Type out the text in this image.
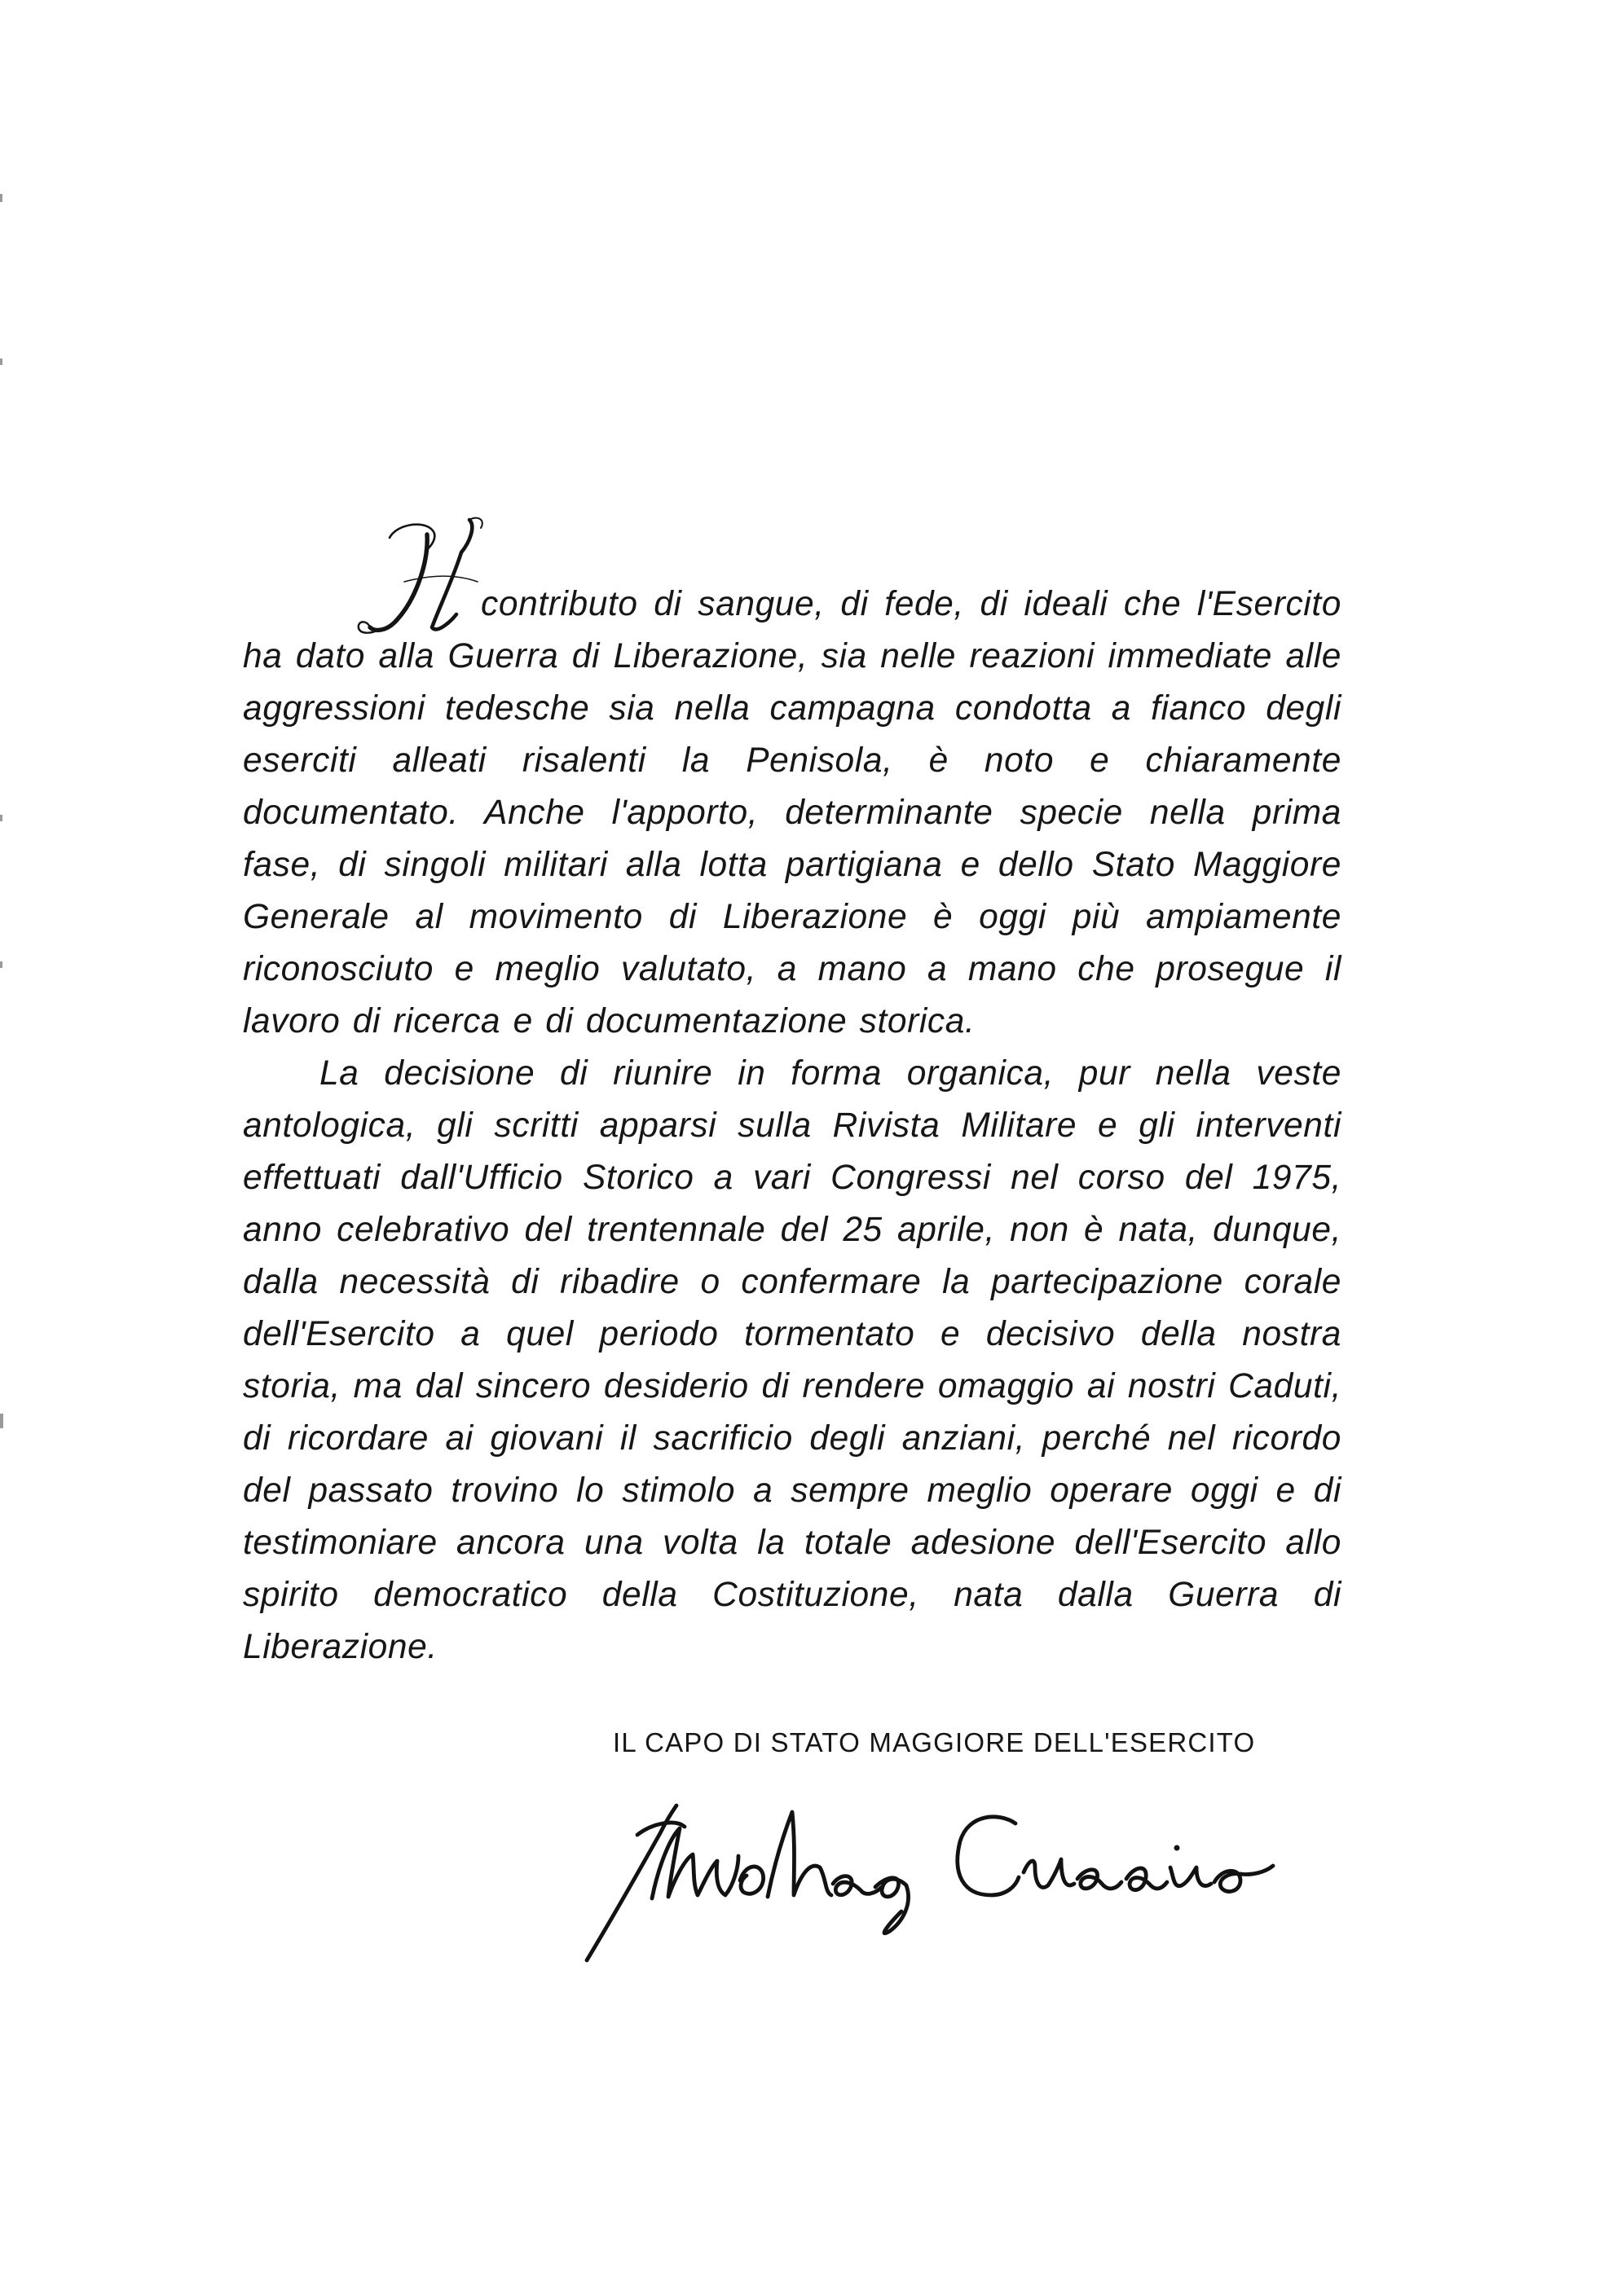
contributo di sangue, di fede, di ideali che l'Esercito ha dato alla Guerra di Liberazione, sia nelle reazioni immediate alle aggressioni tedesche sia nella campagna condotta a fianco degli eserciti alleati risalenti la Penisola, è noto e chiaramente documentato. Anche l'apporto, determinante specie nella prima fase, di singoli militari alla lotta partigiana e dello Stato Maggiore Generale al movimento di Liberazione è oggi più ampiamente riconosciuto e meglio valutato, a mano a mano che prosegue il lavoro di ricerca e di documentazione storica.

La decisione di riunire in forma organica, pur nella veste antologica, gli scritti apparsi sulla Rivista Militare e gli interventi effettuati dall'Ufficio Storico a vari Congressi nel corso del 1975, anno celebrativo del trentennale del 25 aprile, non è nata, dunque, dalla necessità di ribadire o confermare la partecipazione corale dell'Esercito a quel periodo tormentato e decisivo della nostra storia, ma dal sincero desiderio di rendere omaggio ai nostri Caduti, di ricordare ai giovani il sacrificio degli anziani, perché nel ricordo del passato trovino lo stimolo a sempre meglio operare oggi e di testimoniare ancora una volta la totale adesione dell'Esercito allo spirito democratico della Costituzione, nata dalla Guerra di Liberazione.

IL CAPO DI STATO MAGGIORE DELL'ESERCITO
